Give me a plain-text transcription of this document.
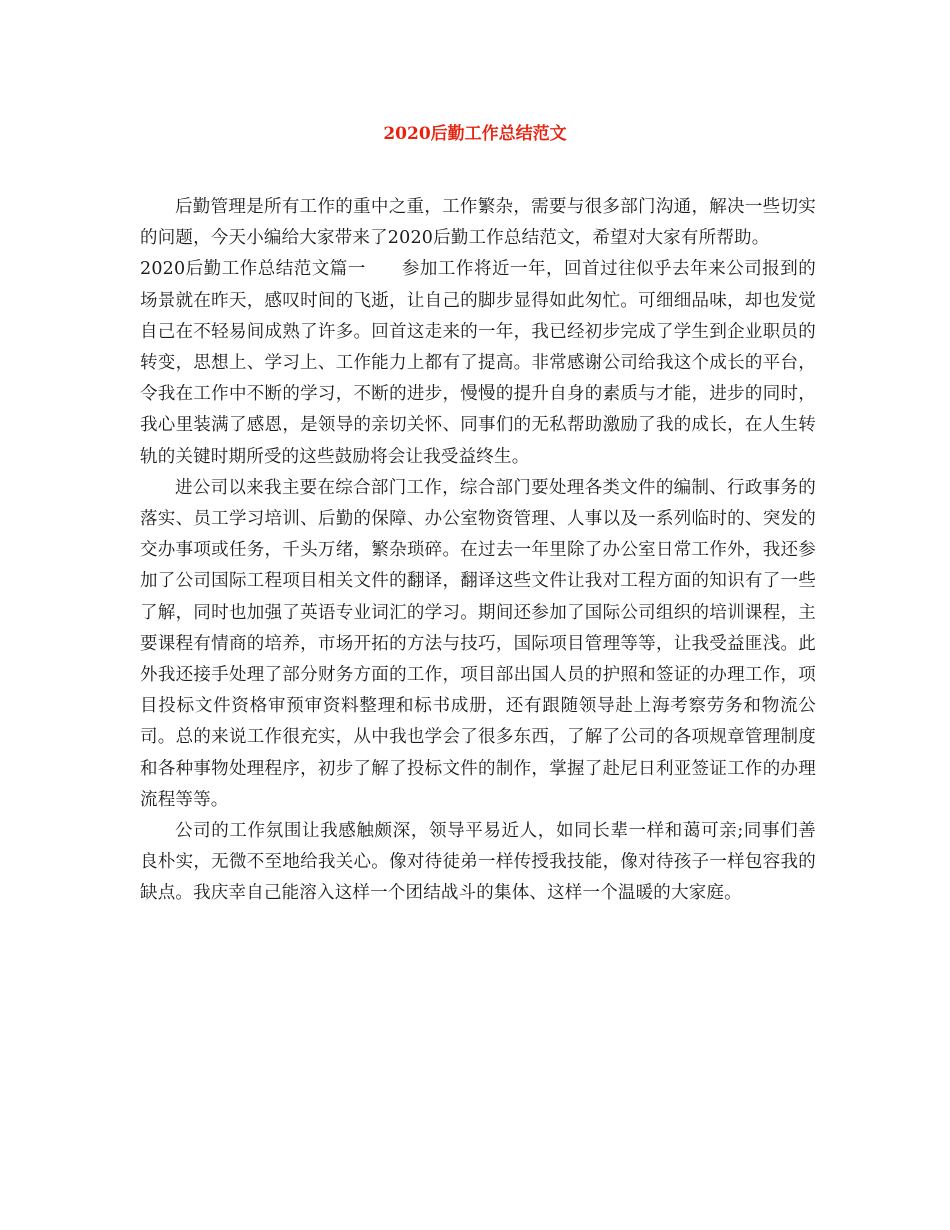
2020后勤工作总结范文

后勤管理是所有工作的重中之重，工作繁杂，需要与很多部门沟通，解决一些切实的问题，今天小编给大家带来了2020后勤工作总结范文，希望对大家有所帮助。

2020后勤工作总结范文篇一　　参加工作将近一年，回首过往似乎去年来公司报到的场景就在昨天，感叹时间的飞逝，让自己的脚步显得如此匆忙。可细细品味，却也发觉自己在不轻易间成熟了许多。回首这走来的一年，我已经初步完成了学生到企业职员的转变，思想上、学习上、工作能力上都有了提高。非常感谢公司给我这个成长的平台，令我在工作中不断的学习，不断的进步，慢慢的提升自身的素质与才能，进步的同时，我心里装满了感恩，是领导的亲切关怀、同事们的无私帮助激励了我的成长，在人生转轨的关键时期所受的这些鼓励将会让我受益终生。

进公司以来我主要在综合部门工作，综合部门要处理各类文件的编制、行政事务的落实、员工学习培训、后勤的保障、办公室物资管理、人事以及一系列临时的、突发的交办事项或任务，千头万绪，繁杂琐碎。在过去一年里除了办公室日常工作外，我还参加了公司国际工程项目相关文件的翻译，翻译这些文件让我对工程方面的知识有了一些了解，同时也加强了英语专业词汇的学习。期间还参加了国际公司组织的培训课程，主要课程有情商的培养，市场开拓的方法与技巧，国际项目管理等等，让我受益匪浅。此外我还接手处理了部分财务方面的工作，项目部出国人员的护照和签证的办理工作，项目投标文件资格审预审资料整理和标书成册，还有跟随领导赴上海考察劳务和物流公司。总的来说工作很充实，从中我也学会了很多东西，了解了公司的各项规章管理制度和各种事物处理程序，初步了解了投标文件的制作，掌握了赴尼日利亚签证工作的办理流程等等。

公司的工作氛围让我感触颇深，领导平易近人，如同长辈一样和蔼可亲;同事们善良朴实，无微不至地给我关心。像对待徒弟一样传授我技能，像对待孩子一样包容我的缺点。我庆幸自己能溶入这样一个团结战斗的集体、这样一个温暖的大家庭。
